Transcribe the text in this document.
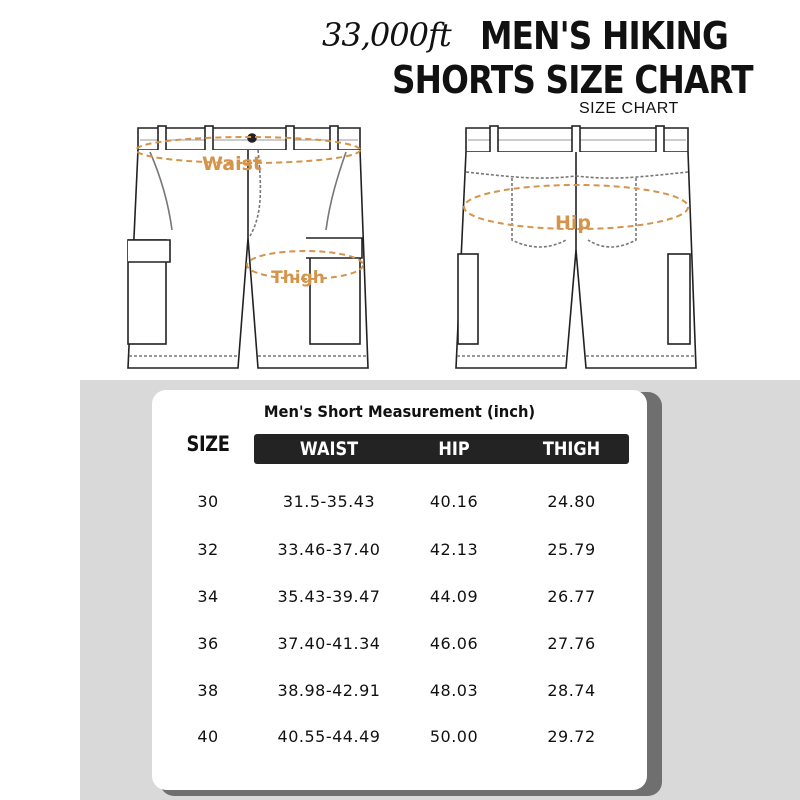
33,000ft MEN'S HIKING
SHORTS SIZE CHART
SIZE CHART
Waist
Thigh
Hip
Men's Short Measurement (inch)
SIZE	WAIST	HIP	THIGH
30	31.5-35.43	40.16	24.80
32	33.46-37.40	42.13	25.79
34	35.43-39.47	44.09	26.77
36	37.40-41.34	46.06	27.76
38	38.98-42.91	48.03	28.74
40	40.55-44.49	50.00	29.72
